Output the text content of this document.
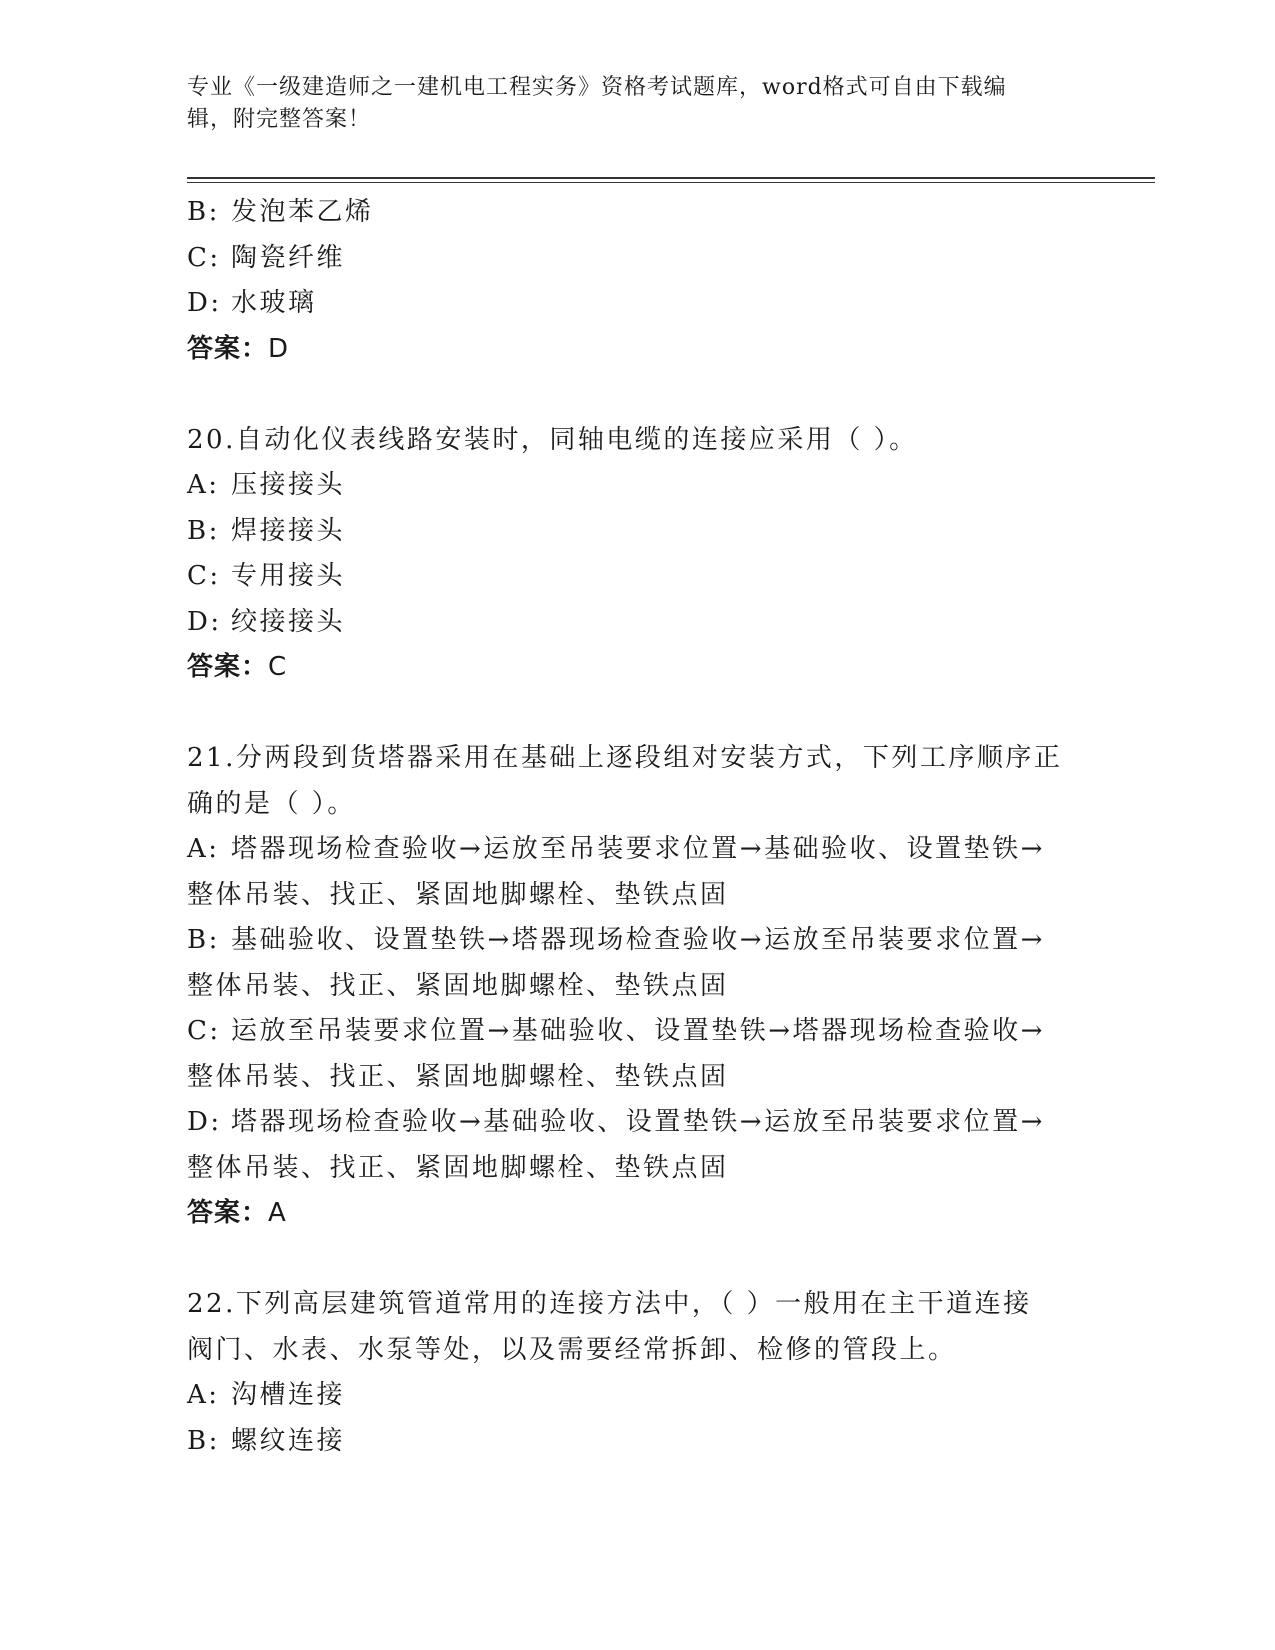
专业《一级建造师之一建机电工程实务》资格考试题库，word格式可自由下载编
辑，附完整答案！
B: 发泡苯乙烯
C: 陶瓷纤维
D: 水玻璃
答案：D
20.自动化仪表线路安装时，同轴电缆的连接应采用（ ）。
A: 压接接头
B: 焊接接头
C: 专用接头
D: 绞接接头
答案：C
21.分两段到货塔器采用在基础上逐段组对安装方式，下列工序顺序正
确的是（ ）。
A: 塔器现场检查验收→运放至吊装要求位置→基础验收、设置垫铁→
整体吊装、找正、紧固地脚螺栓、垫铁点固
B: 基础验收、设置垫铁→塔器现场检查验收→运放至吊装要求位置→
整体吊装、找正、紧固地脚螺栓、垫铁点固
C: 运放至吊装要求位置→基础验收、设置垫铁→塔器现场检查验收→
整体吊装、找正、紧固地脚螺栓、垫铁点固
D: 塔器现场检查验收→基础验收、设置垫铁→运放至吊装要求位置→
整体吊装、找正、紧固地脚螺栓、垫铁点固
答案：A
22.下列高层建筑管道常用的连接方法中，（ ）一般用在主干道连接
阀门、水表、水泵等处，以及需要经常拆卸、检修的管段上。
A: 沟槽连接
B: 螺纹连接
